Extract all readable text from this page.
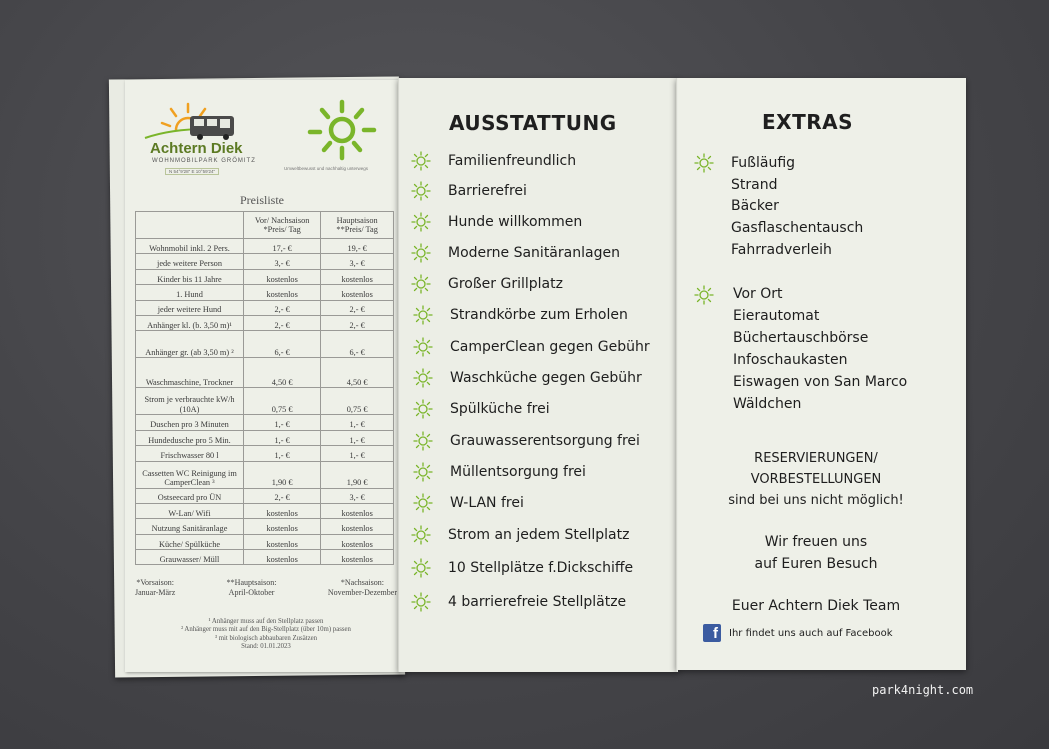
Achtern Diek
WOHNMOBILPARK GRÖMITZ
N 54°9'28" E 10°59'24"
Umweltbewusst und nachhaltig unterwegs
Preisliste
	Vor/ Nachsaison *Preis/ Tag	Hauptsaison **Preis/ Tag
Wohnmobil inkl. 2 Pers.	17,- €	19,- €
jede weitere Person	3,- €	3,- €
Kinder bis 11 Jahre	kostenlos	kostenlos
1. Hund	kostenlos	kostenlos
jeder weitere Hund	2,- €	2,- €
Anhänger kl. (b. 3,50 m)¹	2,- €	2,- €
Anhänger gr. (ab 3,50 m) ²	6,- €	6,- €
Waschmaschine, Trockner	4,50 €	4,50 €
Strom je verbrauchte kW/h (10A)	0,75 €	0,75 €
Duschen pro 3 Minuten	1,- €	1,- €
Hundedusche pro 5 Min.	1,- €	1,- €
Frischwasser 80 l	1,- €	1,- €
Cassetten WC Reinigung im CamperClean ³	1,90 €	1,90 €
Ostseecard pro ÜN	2,- €	3,- €
W-Lan/ Wifi	kostenlos	kostenlos
Nutzung Sanitäranlage	kostenlos	kostenlos
Küche/ Spülküche	kostenlos	kostenlos
Grauwasser/ Müll	kostenlos	kostenlos
*Vorsaison:
Januar-März
**Hauptsaison:
April-Oktober
*Nachsaison:
November-Dezember
¹ Anhänger muss auf den Stellplatz passen
² Anhänger muss mit auf den Big-Stellplatz (über 10m) passen
³ mit biologisch abbaubaren Zusätzen
Stand: 01.01.2023
AUSSTATTUNG
Familienfreundlich
Barrierefrei
Hunde willkommen
Moderne Sanitäranlagen
Großer Grillplatz
Strandkörbe zum Erholen
CamperClean gegen Gebühr
Waschküche gegen Gebühr
Spülküche frei
Grauwasserentsorgung frei
Müllentsorgung frei
W-LAN frei
Strom an jedem Stellplatz
10 Stellplätze f.Dickschiffe
4 barrierefreie Stellplätze
EXTRAS
Fußläufig
Strand
Bäcker
Gasflaschentausch
Fahrradverleih
Vor Ort
Eierautomat
Büchertauschbörse
Infoschaukasten
Eiswagen von San Marco
Wäldchen
RESERVIERUNGEN/
VORBESTELLUNGEN
sind bei uns nicht möglich!
Wir freuen uns
auf Euren Besuch
Euer Achtern Diek Team
f	Ihr findet uns auch auf Facebook
park4night.com
